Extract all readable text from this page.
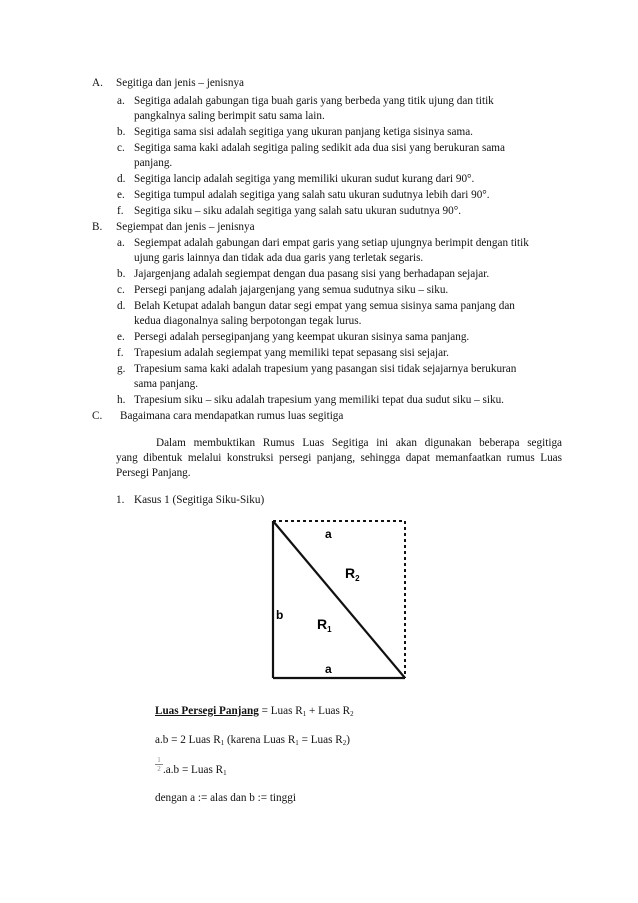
A. Segitiga dan jenis – jenisnya
a. Segitiga adalah gabungan tiga buah garis yang berbeda yang titik ujung dan titik
pangkalnya saling berimpit satu sama lain.
b. Segitiga sama sisi adalah segitiga yang ukuran panjang ketiga sisinya sama.
c. Segitiga sama kaki adalah segitiga paling sedikit ada dua sisi yang berukuran sama
panjang.
d. Segitiga lancip adalah segitiga yang memiliki ukuran sudut kurang dari 90°.
e. Segitiga tumpul adalah segitiga yang salah satu ukuran sudutnya lebih dari 90°.
f. Segitiga siku – siku adalah segitiga yang salah satu ukuran sudutnya 90°.
B. Segiempat dan jenis – jenisnya
a. Segiempat adalah gabungan dari empat garis yang setiap ujungnya berimpit dengan titik
ujung garis lainnya dan tidak ada dua garis yang terletak segaris.
b. Jajargenjang adalah segiempat dengan dua pasang sisi yang berhadapan sejajar.
c. Persegi panjang adalah jajargenjang yang semua sudutnya siku – siku.
d. Belah Ketupat adalah bangun datar segi empat yang semua sisinya sama panjang dan
kedua diagonalnya saling berpotongan tegak lurus.
e. Persegi adalah persegipanjang yang keempat ukuran sisinya sama panjang.
f. Trapesium adalah segiempat yang memiliki tepat sepasang sisi sejajar.
g. Trapesium sama kaki adalah trapesium yang pasangan sisi tidak sejajarnya berukuran
sama panjang.
h. Trapesium siku – siku adalah trapesium yang memiliki tepat dua sudut siku – siku.
C. Bagaimana cara mendapatkan rumus luas segitiga
Dalam membuktikan Rumus Luas Segitiga ini akan digunakan beberapa segitiga
yang dibentuk melalui konstruksi persegi panjang, sehingga dapat memanfaatkan rumus Luas
Persegi Panjang.
1. Kasus 1 (Segitiga Siku-Siku)
a
b
a
$R_2$
$R_1$
Luas Persegi Panjang = Luas $R_1$ + Luas $R_2$
a.b = 2 Luas $R_1$ (karena Luas $R_1$ = Luas $R_2$)
$\frac{1}{2} .a.b$ = Luas $R_1$
dengan a := alas dan b := tinggi
